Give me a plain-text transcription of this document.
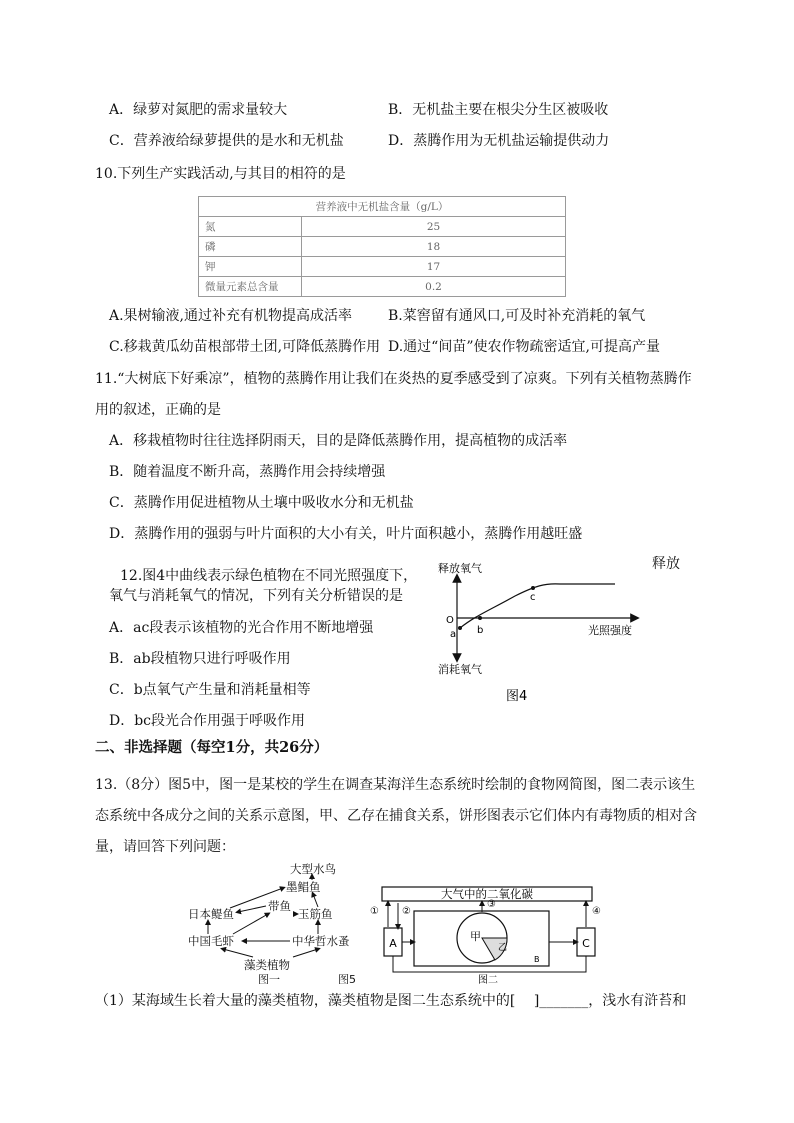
A．绿萝对氮肥的需求量较大	B．无机盐主要在根尖分生区被吸收
C．营养液给绿萝提供的是水和无机盐	D．蒸腾作用为无机盐运输提供动力
10.下列生产实践活动,与其目的相符的是
营养液中无机盐含量（g/L）	
氮	25
磷	18
钾	17
微量元素总含量	0.2
A.果树输液,通过补充有机物提高成活率	B.菜窖留有通风口,可及时补充消耗的氧气
C.移栽黄瓜幼苗根部带土团,可降低蒸腾作用 D.通过“间苗”使农作物疏密适宜,可提高产量
11.“大树底下好乘凉”，植物的蒸腾作用让我们在炎热的夏季感受到了凉爽。下列有关植物蒸腾作
用的叙述，正确的是
A．移栽植物时往往选择阴雨天，目的是降低蒸腾作用，提高植物的成活率
B．随着温度不断升高，蒸腾作用会持续增强
C．蒸腾作用促进植物从土壤中吸收水分和无机盐
D．蒸腾作用的强弱与叶片面积的大小有关，叶片面积越小，蒸腾作用越旺盛
12.图4中曲线表示绿色植物在不同光照强度下，
氧气与消耗氧气的情况，下列有关分析错误的是
释放
A．ac段表示该植物的光合作用不断地增强
B．ab段植物只进行呼吸作用
C．b点氧气产生量和消耗量相等
D．bc段光合作用强于呼吸作用
释放氧气
消耗氧气
光照强度
O
a b
c
图4
二、非选择题（每空1分，共26分）
13.（8分）图5中，图一是某校的学生在调查某海洋生态系统时绘制的食物网简图，图二表示该生
态系统中各成分之间的关系示意图，甲、乙存在捕食关系，饼形图表示它们体内有毒物质的相对含
量，请回答下列问题：
大型水鸟
墨鲳鱼
带鱼
日本鳀鱼	玉筋鱼
中国毛虾	中华哲水蚤
藻类植物
图一	图5
大气中的二氧化碳
A	C
甲
乙
B
① ②
③
④
图二
（1）某海域生长着大量的藻类植物，藻类植物是图二生态系统中的[　 ]_______，浅水有浒苔和
